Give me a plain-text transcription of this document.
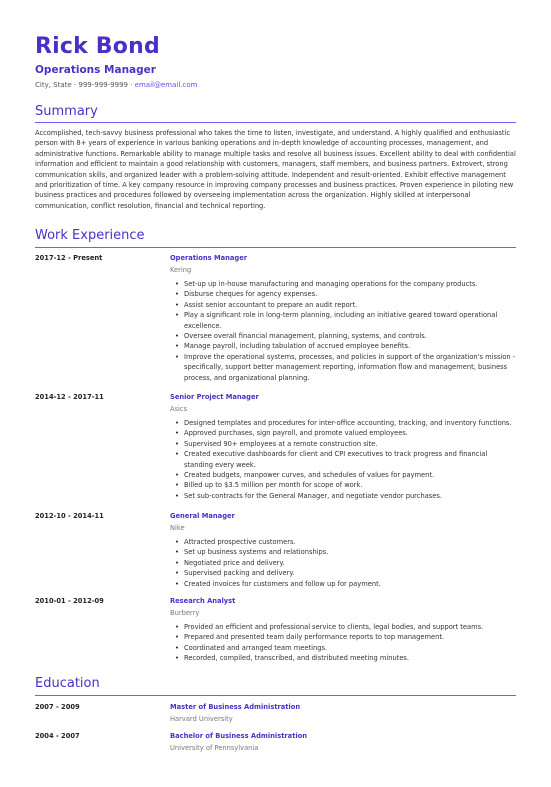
Rick Bond
Operations Manager
City, State · 999-999-9999 · email@email.com
Summary
Accomplished, tech-savvy business professional who takes the time to listen, investigate, and understand. A highly qualified and enthusiastic person with 8+ years of experience in various banking operations and in-depth knowledge of accounting processes, management, and administrative functions. Remarkable ability to manage multiple tasks and resolve all business issues. Excellent ability to deal with confidential information and efficient to maintain a good relationship with customers, managers, staff members, and business partners. Extrovert, strong communication skills, and organized leader with a problem-solving attitude. Independent and result-oriented. Exhibit effective management and prioritization of time. A key company resource in improving company processes and business practices. Proven experience in piloting new business practices and procedures followed by overseeing implementation across the organization. Highly skilled at interpersonal communication, conflict resolution, financial and technical reporting.
Work Experience
2017-12 - Present	Operations Manager
Kering
• Set-up up in-house manufacturing and managing operations for the company products.
• Disburse cheques for agency expenses.
• Assist senior accountant to prepare an audit report.
• Play a significant role in long-term planning, including an initiative geared toward operational excellence.
• Oversee overall financial management, planning, systems, and controls.
• Manage payroll, including tabulation of accrued employee benefits.
• Improve the operational systems, processes, and policies in support of the organization's mission - specifically, support better management reporting, information flow and management, business process, and organizational planning.
2014-12 - 2017-11	Senior Project Manager
Asics
• Designed templates and procedures for inter-office accounting, tracking, and inventory functions.
• Approved purchases, sign payroll, and promote valued employees.
• Supervised 90+ employees at a remote construction site.
• Created executive dashboards for client and CPI executives to track progress and financial standing every week.
• Created budgets, manpower curves, and schedules of values for payment.
• Billed up to $3.5 million per month for scope of work.
• Set sub-contracts for the General Manager, and negotiate vendor purchases.
2012-10 - 2014-11	General Manager
Nike
• Attracted prospective customers.
• Set up business systems and relationships.
• Negotiated price and delivery.
• Supervised packing and delivery.
• Created invoices for customers and follow up for payment.
2010-01 - 2012-09	Research Analyst
Burberry
• Provided an efficient and professional service to clients, legal bodies, and support teams.
• Prepared and presented team daily performance reports to top management.
• Coordinated and arranged team meetings.
• Recorded, compiled, transcribed, and distributed meeting minutes.
Education
2007 - 2009	Master of Business Administration
Harvard University
2004 - 2007	Bachelor of Business Administration
University of Pennsylvania
